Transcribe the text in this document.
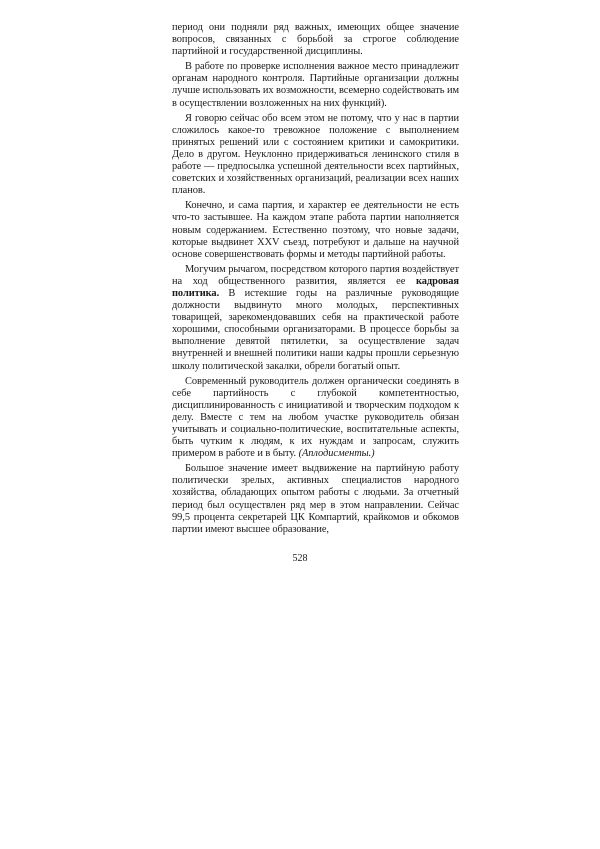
период они подняли ряд важных, имеющих общее значение вопросов, связанных с борьбой за строгое соблюдение партийной и государственной дисциплины.

В работе по проверке исполнения важное место принадлежит органам народного контроля. Партийные организации должны лучше использовать их возможности, всемерно содействовать им в осуществлении возложенных на них функций).

Я говорю сейчас обо всем этом не потому, что у нас в партии сложилось какое-то тревожное положение с выполнением принятых решений или с состоянием критики и самокритики. Дело в другом. Неуклонно придерживаться ленинского стиля в работе — предпосылка успешной деятельности всех партийных, советских и хозяйственных организаций, реализации всех наших планов.

Конечно, и сама партия, и характер ее деятельности не есть что-то застывшее. На каждом этапе работа партии наполняется новым содержанием. Естественно поэтому, что новые задачи, которые выдвинет XXV съезд, потребуют и дальше на научной основе совершенствовать формы и методы партийной работы.

Могучим рычагом, посредством которого партия воздействует на ход общественного развития, является ее кадровая политика. В истекшие годы на различные руководящие должности выдвинуто много молодых, перспективных товарищей, зарекомендовавших себя на практической работе хорошими, способными организаторами. В процессе борьбы за выполнение девятой пятилетки, за осуществление задач внутренней и внешней политики наши кадры прошли серьезную школу политической закалки, обрели богатый опыт.

Современный руководитель должен органически соединять в себе партийность с глубокой компетентностью, дисциплинированность с инициативой и творческим подходом к делу. Вместе с тем на любом участке руководитель обязан учитывать и социально-политические, воспитательные аспекты, быть чутким к людям, к их нуждам и запросам, служить примером в работе и в быту. (Аплодисменты.)

Большое значение имеет выдвижение на партийную работу политически зрелых, активных специалистов народного хозяйства, обладающих опытом работы с людьми. За отчетный период был осуществлен ряд мер в этом направлении. Сейчас 99,5 процента секретарей ЦК Компартий, крайкомов и обкомов партии имеют высшее образование,

528
